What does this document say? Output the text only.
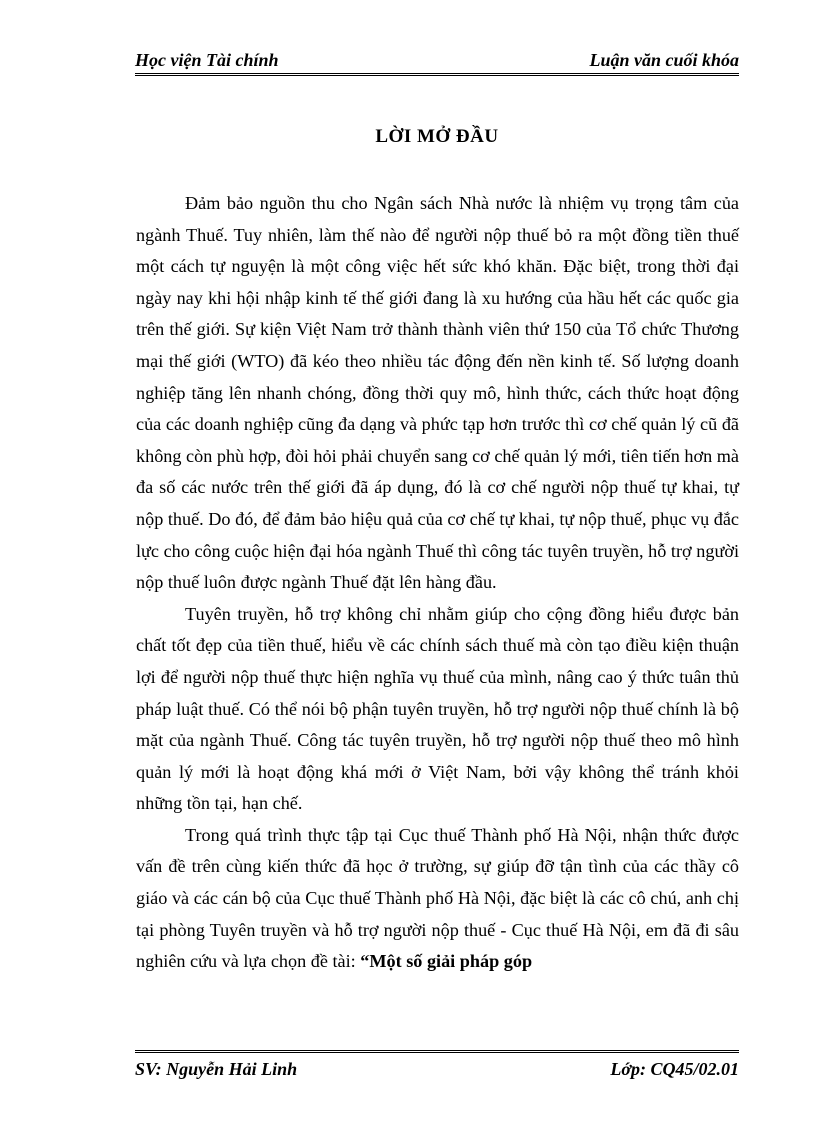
Học viện Tài chính	Luận văn cuối khóa
LỜI MỞ ĐẦU

Đảm bảo nguồn thu cho Ngân sách Nhà nước là nhiệm vụ trọng tâm của ngành Thuế. Tuy nhiên, làm thế nào để người nộp thuế bỏ ra một đồng tiền thuế một cách tự nguyện là một công việc hết sức khó khăn. Đặc biệt, trong thời đại ngày nay khi hội nhập kinh tế thế giới đang là xu hướng của hầu hết các quốc gia trên thế giới. Sự kiện Việt Nam trở thành thành viên thứ 150 của Tổ chức Thương mại thế giới (WTO) đã kéo theo nhiều tác động đến nền kinh tế. Số lượng doanh nghiệp tăng lên nhanh chóng, đồng thời quy mô, hình thức, cách thức hoạt động của các doanh nghiệp cũng đa dạng và phức tạp hơn trước thì cơ chế quản lý cũ đã không còn phù hợp, đòi hỏi phải chuyển sang cơ chế quản lý mới, tiên tiến hơn mà đa số các nước trên thế giới đã áp dụng, đó là cơ chế người nộp thuế tự khai, tự nộp thuế. Do đó, để đảm bảo hiệu quả của cơ chế tự khai, tự nộp thuế, phục vụ đắc lực cho công cuộc hiện đại hóa ngành Thuế thì công tác tuyên truyền, hỗ trợ người nộp thuế luôn được ngành Thuế đặt lên hàng đầu.

Tuyên truyền, hỗ trợ không chỉ nhằm giúp cho cộng đồng hiểu được bản chất tốt đẹp của tiền thuế, hiểu về các chính sách thuế mà còn tạo điều kiện thuận lợi để người nộp thuế thực hiện nghĩa vụ thuế của mình, nâng cao ý thức tuân thủ pháp luật thuế. Có thể nói bộ phận tuyên truyền, hỗ trợ người nộp thuế chính là bộ mặt của ngành Thuế. Công tác tuyên truyền, hỗ trợ người nộp thuế theo mô hình quản lý mới là hoạt động khá mới ở Việt Nam, bởi vậy không thể tránh khỏi những tồn tại, hạn chế.

Trong quá trình thực tập tại Cục thuế Thành phố Hà Nội, nhận thức được vấn đề trên cùng kiến thức đã học ở trường, sự giúp đỡ tận tình của các thầy cô giáo và các cán bộ của Cục thuế Thành phố Hà Nội, đặc biệt là các cô chú, anh chị tại phòng Tuyên truyền và hỗ trợ người nộp thuế - Cục thuế Hà Nội, em đã đi sâu nghiên cứu và lựa chọn đề tài: “Một số giải pháp góp

SV: Nguyễn Hải Linh	Lớp: CQ45/02.01
